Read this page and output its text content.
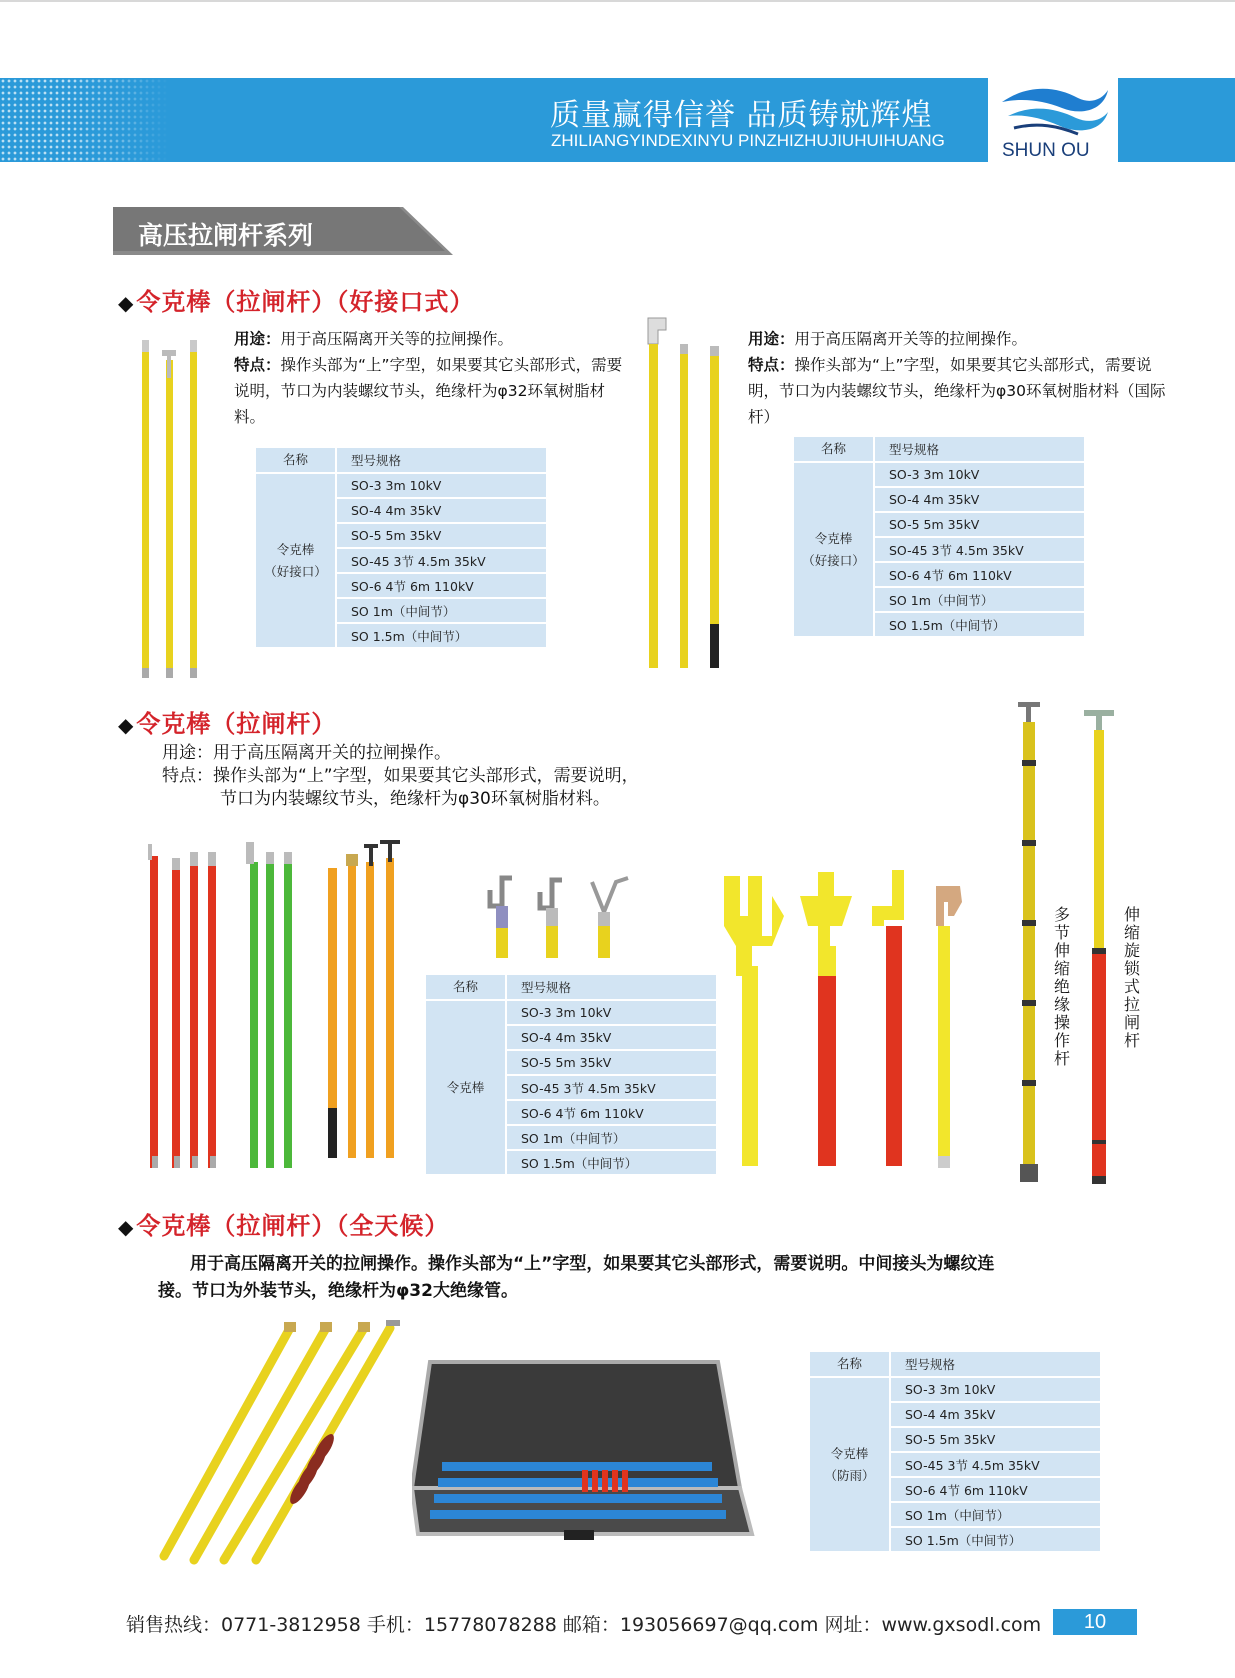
质量赢得信誉 品质铸就辉煌
ZHILIANGYINDEXINYU PINZHIZHUJIUHUIHUANG	SHUN OU
高压拉闸杆系列
◆令克棒（拉闸杆）（好接口式）
用途：用于高压隔离开关等的拉闸操作。
特点：操作头部为“上”字型，如果要其它头部形式，需要说明，节口为内装螺纹节头，绝缘杆为φ32环氧树脂材料。
名称	型号规格
令克棒
（好接口）	SO-3 3m 10kV
	SO-4 4m 35kV
	SO-5 5m 35kV
	SO-45 3节 4.5m 35kV
	SO-6 4节 6m 110kV
	SO 1m（中间节）
	SO 1.5m（中间节）
用途：用于高压隔离开关等的拉闸操作。
特点：操作头部为“上”字型，如果要其它头部形式，需要说明，节口为内装螺纹节头，绝缘杆为φ30环氧树脂材料（国际杆）
名称	型号规格
令克棒
（好接口）	SO-3 3m 10kV
	SO-4 4m 35kV
	SO-5 5m 35kV
	SO-45 3节 4.5m 35kV
	SO-6 4节 6m 110kV
	SO 1m（中间节）
	SO 1.5m（中间节）
◆令克棒（拉闸杆）
用途：用于高压隔离开关的拉闸操作。
特点：操作头部为“上”字型，如果要其它头部形式，需要说明，
节口为内装螺纹节头，绝缘杆为φ30环氧树脂材料。
名称	型号规格
令克棒	SO-3 3m 10kV
	SO-4 4m 35kV
	SO-5 5m 35kV
	SO-45 3节 4.5m 35kV
	SO-6 4节 6m 110kV
	SO 1m（中间节）
	SO 1.5m（中间节）
多节伸缩绝缘操作杆
伸缩旋锁式拉闸杆
◆令克棒（拉闸杆）（全天候）
用于高压隔离开关的拉闸操作。操作头部为“上”字型，如果要其它头部形式，需要说明。中间接头为螺纹连
接。节口为外装节头，绝缘杆为φ32大绝缘管。
名称	型号规格
令克棒
（防雨）	SO-3 3m 10kV
	SO-4 4m 35kV
	SO-5 5m 35kV
	SO-45 3节 4.5m 35kV
	SO-6 4节 6m 110kV
	SO 1m（中间节）
	SO 1.5m（中间节）
销售热线：0771-3812958 手机：15778078288 邮箱：193056697@qq.com 网址：www.gxsodl.com	10
